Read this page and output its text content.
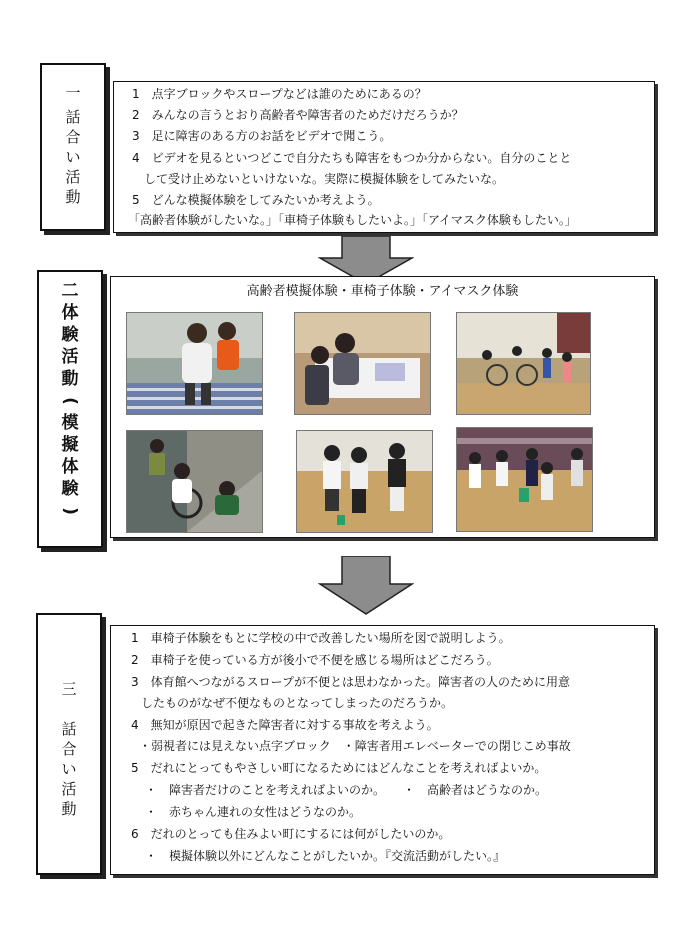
一
話
合
い
活
動
1　点字ブロックやスロープなどは誰のためにあるの？
2　みんなの言うとおり高齢者や障害者のためだけだろうか？
3　足に障害のある方のお話をビデオで聞こう。
4　ビデオを見るといつどこで自分たちも障害をもつか分からない。自分のことと
して受け止めないといけないな。実際に模擬体験をしてみたいな。
5　どんな模擬体験をしてみたいか考えよう。
「高齢者体験がしたいな。」「車椅子体験もしたいよ。」「アイマスク体験もしたい。」
二
体
験
活
動
(
模
擬
体
験
)
高齢者模擬体験・車椅子体験・アイマスク体験
三
話
合
い
活
動
1　車椅子体験をもとに学校の中で改善したい場所を図で説明しよう。
2　車椅子を使っている方が後小で不便を感じる場所はどこだろう。
3　体育館へつながるスロープが不便とは思わなかった。障害者の人のために用意
したものがなぜ不便なものとなってしまったのだろうか。
4　無知が原因で起きた障害者に対する事故を考えよう。
・弱視者には見えない点字ブロック　・障害者用エレベーターでの閉じこめ事故
5　だれにとってもやさしい町になるためにはどんなことを考えればよいか。
・　障害者だけのことを考えればよいのか。　　・　高齢者はどうなのか。
・　赤ちゃん連れの女性はどうなのか。
6　だれのとっても住みよい町にするには何がしたいのか。
・　模擬体験以外にどんなことがしたいか。『交流活動がしたい。』
